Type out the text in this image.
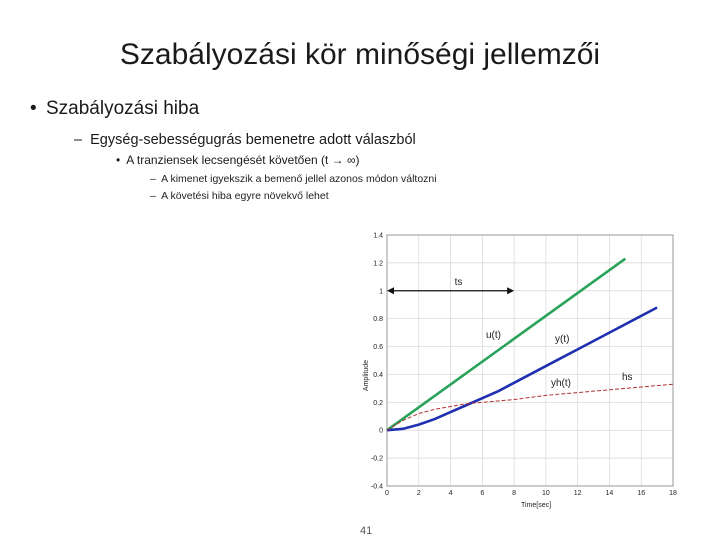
Szabályozási kör minőségi jellemzői
• Szabályozási hiba
– Egység-sebességugrás bemenetre adott válaszból
• A tranziensek lecsengését követően (t → ∞)
– A kimenet igyekszik a bemenő jellel azonos módon változni
– A követési hiba egyre növekvő lehet
0	2	4	6	8	10	12	14	16	18
-0.4
-0.2
0
0.2
0.4
0.6
0.8
1
1.2
1.4
Time[sec]
Amplitude
ts
u(t)	y(t)
yh(t)
hs
41
